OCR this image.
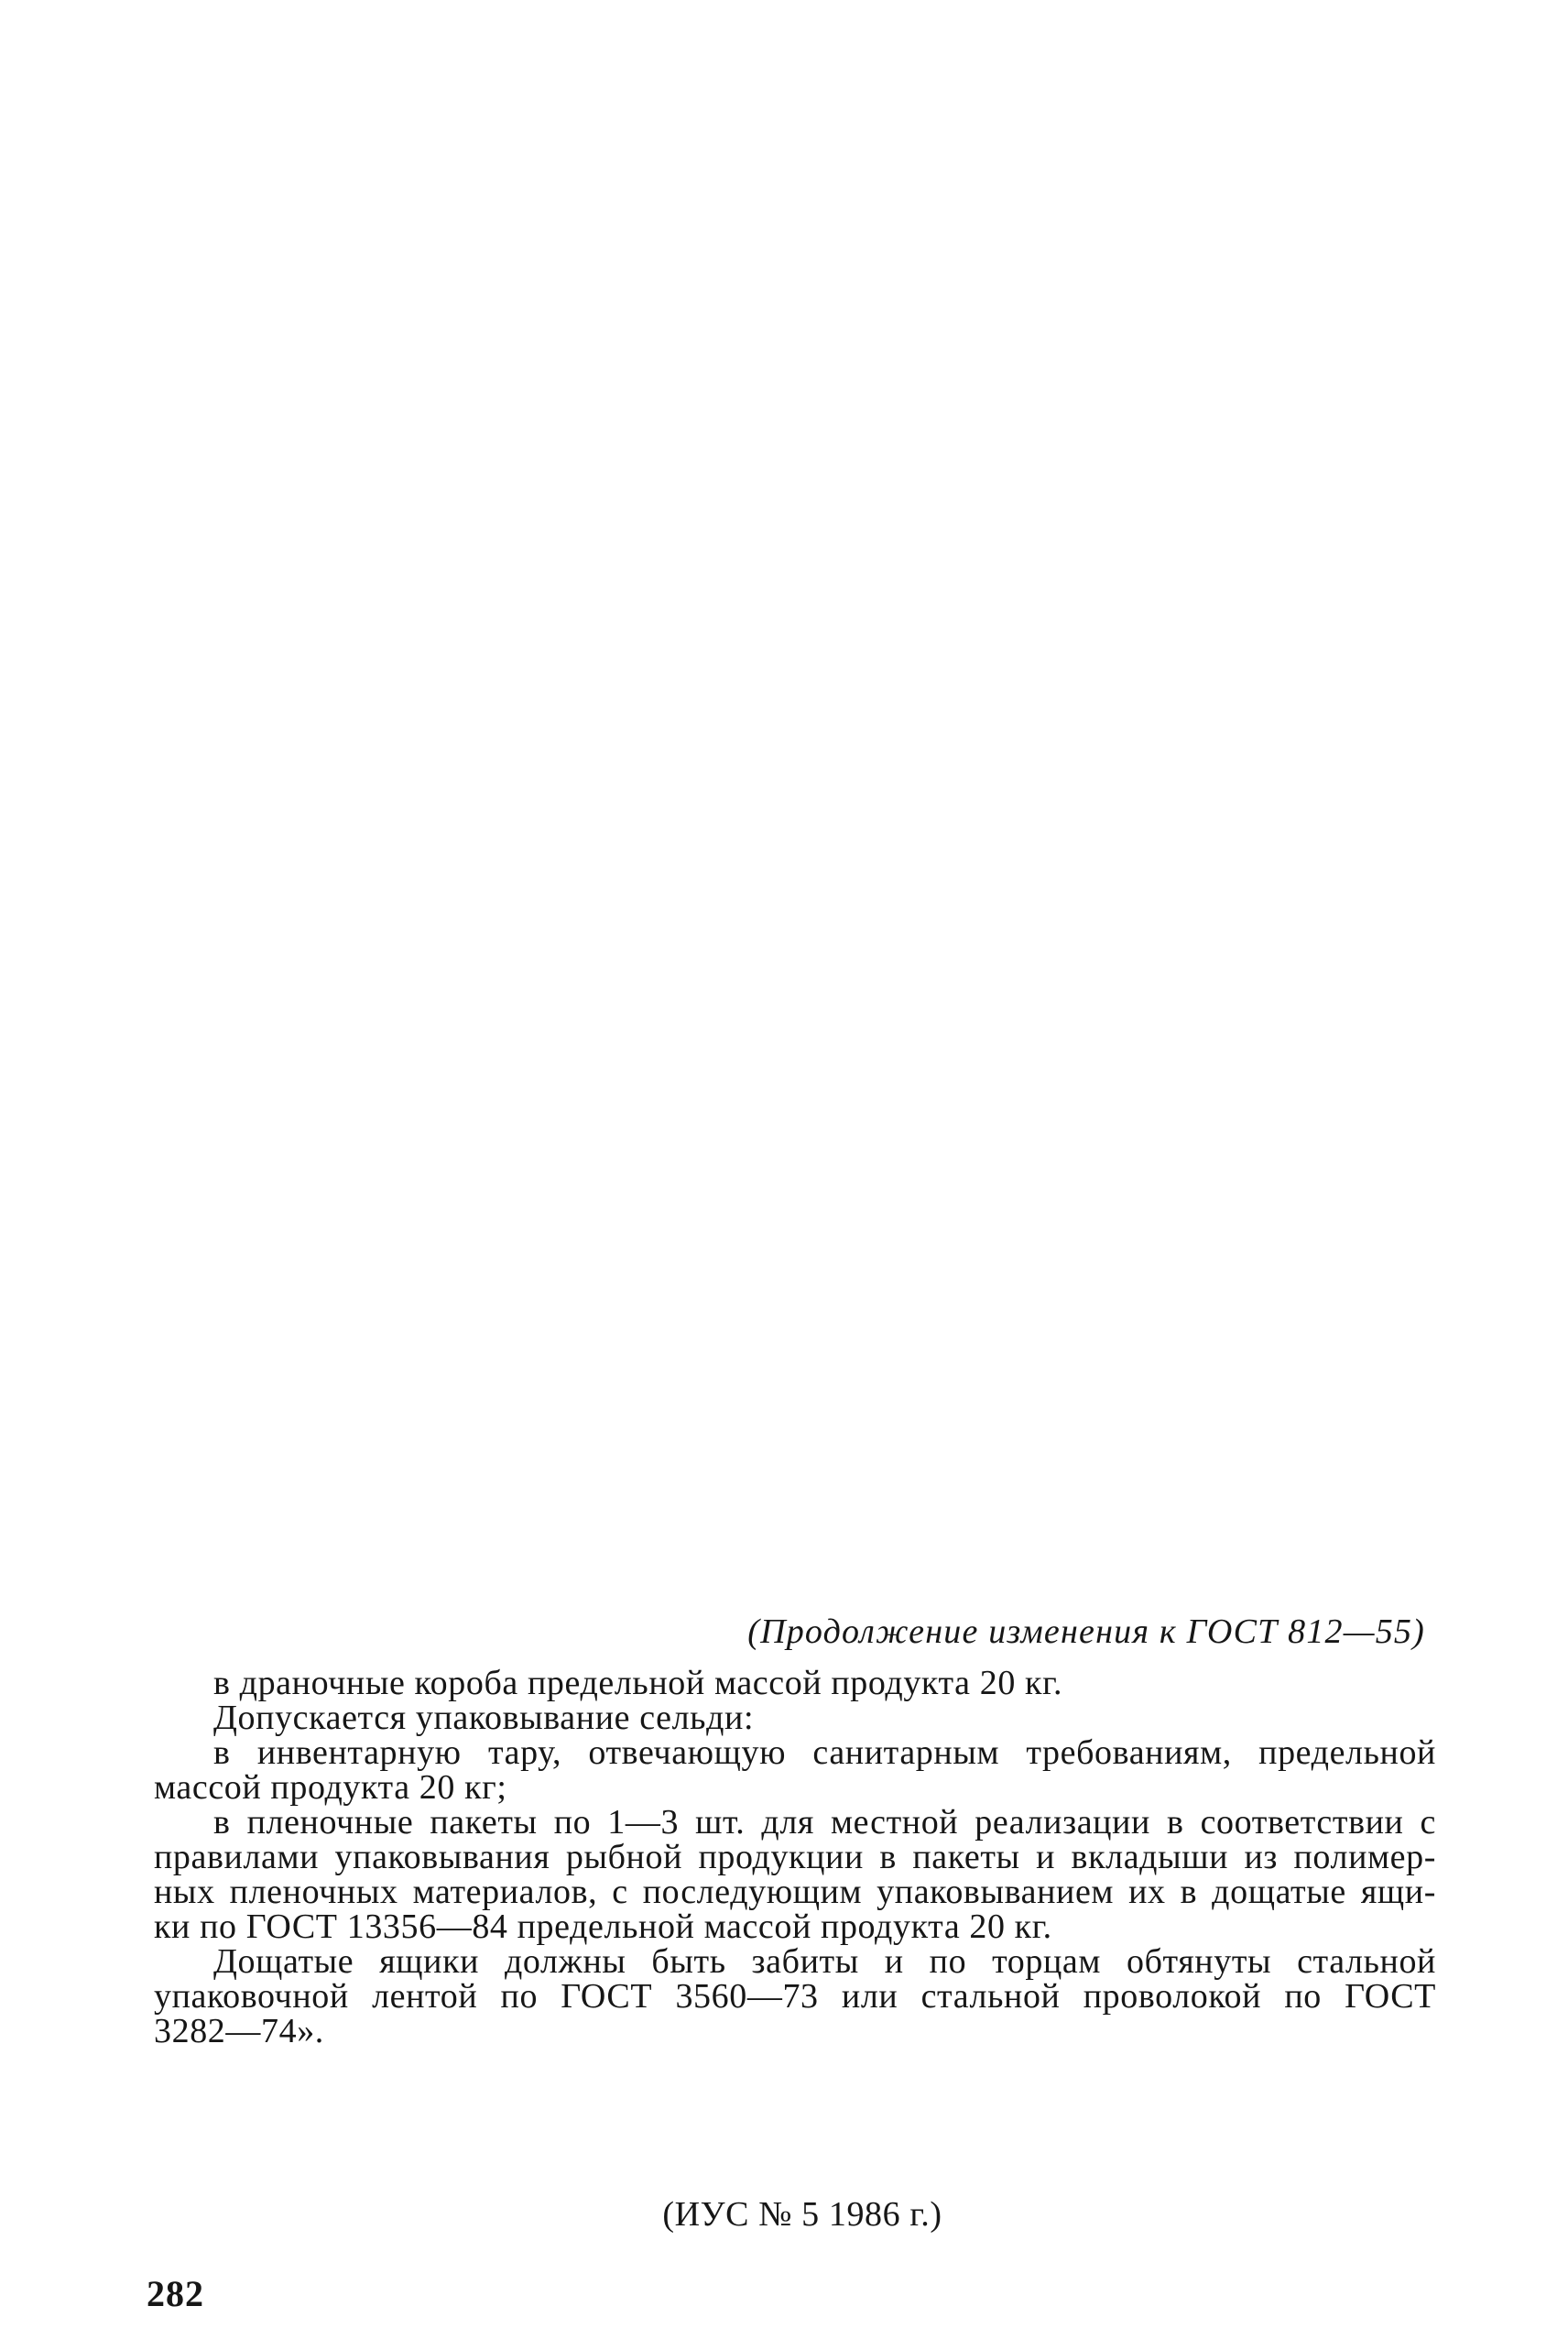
(Продолжение изменения к ГОСТ 812—55)

в драночные короба предельной массой продукта 20 кг.

Допускается упаковывание сельди:

в инвентарную тару, отвечающую санитарным требованиям, предельной
массой продукта 20 кг;

в пленочные пакеты по 1—3 шт. для местной реализации в соответствии с
правилами упаковывания рыбной продукции в пакеты и вкладыши из полимер-
ных пленочных материалов, с последующим упаковыванием их в дощатые ящи-
ки по ГОСТ 13356—84 предельной массой продукта 20 кг.

Дощатые ящики должны быть забиты и по торцам обтянуты стальной
упаковочной лентой по ГОСТ 3560—73 или стальной проволокой по ГОСТ
3282—74».

(ИУС № 5 1986 г.)
282
